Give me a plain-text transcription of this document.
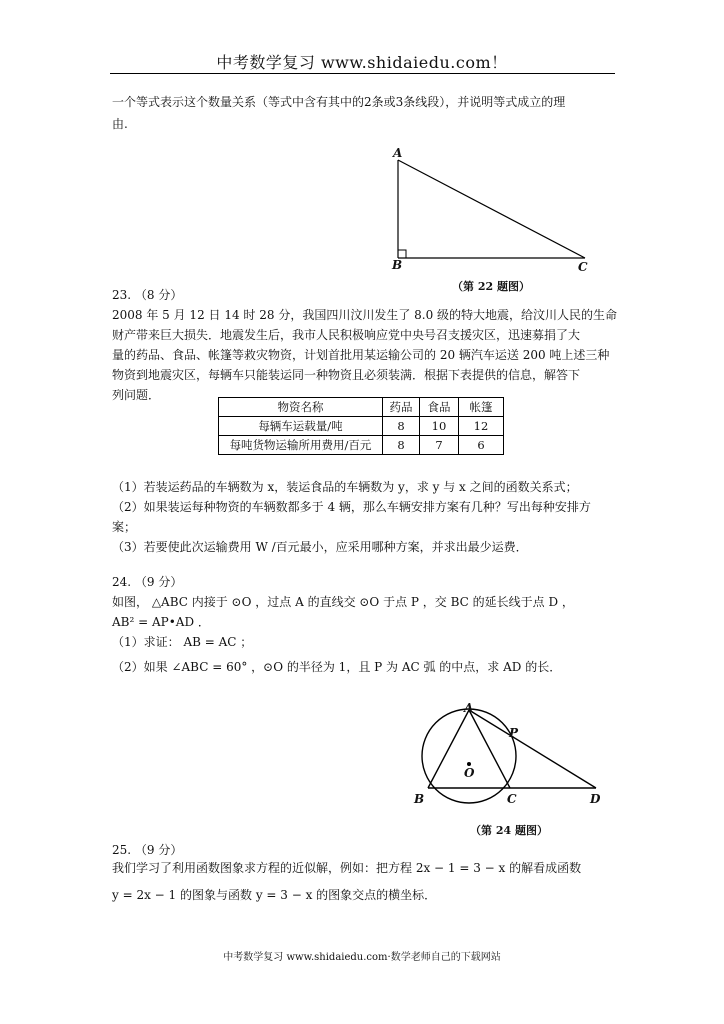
中考数学复习 www.shidaiedu.com！
一个等式表示这个数量关系（等式中含有其中的2条或3条线段），并说明等式成立的理
由.
A
B	C
（第 22 题图）
23. （8 分）
2008 年 5 月 12 日 14 时 28 分，我国四川汶川发生了 8.0 级的特大地震，给汶川人民的生命
财产带来巨大损失．地震发生后，我市人民积极响应党中央号召支援灾区，迅速募捐了大
量的药品、食品、帐篷等救灾物资，计划首批用某运输公司的 20 辆汽车运送 200 吨上述三种
物资到地震灾区，每辆车只能装运同一种物资且必须装满．根据下表提供的信息，解答下
列问题．
物资名称	药品	食品	帐篷
每辆车运载量/吨	8	10	12
每吨货物运输所用费用/百元	8	7	6
（1）若装运药品的车辆数为 x，装运食品的车辆数为 y，求 y 与 x 之间的函数关系式；
（2）如果装运每种物资的车辆数都多于 4 辆，那么车辆安排方案有几种？写出每种安排方
案；
（3）若要使此次运输费用 W /百元最小，应采用哪种方案，并求出最少运费．
24. （9 分）
如图， △ABC 内接于 ⊙O ，过点 A 的直线交 ⊙O 于点 P ，交 BC 的延长线于点 D ，
AB² = AP•AD ．
（1）求证： AB = AC ；
（2）如果 ∠ABC = 60° ，⊙O 的半径为 1，且 P 为 AC 弧 的中点，求 AD 的长．
A
P
O
B	C	D
（第 24 题图）
25. （9 分）
我们学习了利用函数图象求方程的近似解，例如：把方程 2x − 1 = 3 − x 的解看成函数
y = 2x − 1 的图象与函数 y = 3 − x 的图象交点的横坐标．
中考数学复习 www.shidaiedu.com·数学老师自己的下载网站
